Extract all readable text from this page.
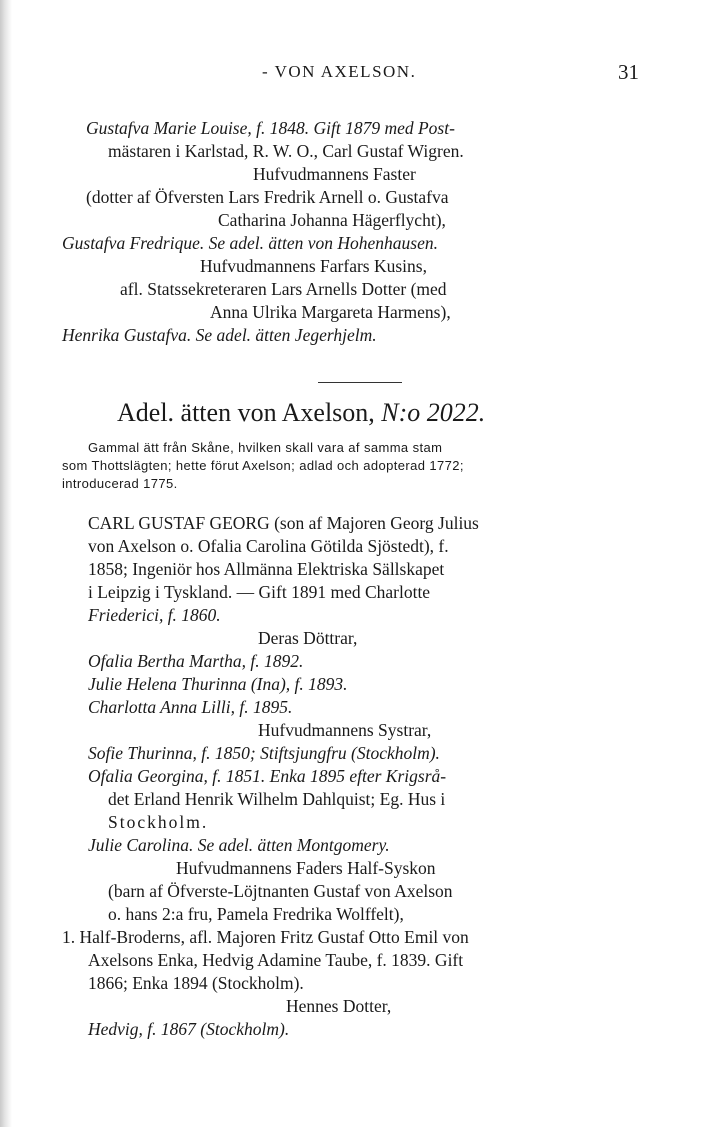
- VON AXELSON.	31
Gustafva Marie Louise, f. 1848. Gift 1879 med Post-
mästaren i Karlstad, R. W. O., Carl Gustaf Wigren.
Hufvudmannens Faster
(dotter af Öfversten Lars Fredrik Arnell o. Gustafva
Catharina Johanna Hägerflycht),
Gustafva Fredrique. Se adel. ätten von Hohenhausen.
Hufvudmannens Farfars Kusins,
afl. Statssekreteraren Lars Arnells Dotter (med
Anna Ulrika Margareta Harmens),
Henrika Gustafva. Se adel. ätten Jegerhjelm.
Adel. ätten von Axelson, N:o 2022.
Gammal ätt från Skåne, hvilken skall vara af samma stam
som Thottslägten; hette förut Axelson; adlad och adopterad 1772;
introducerad 1775.
CARL GUSTAF GEORG (son af Majoren Georg Julius
von Axelson o. Ofalia Carolina Götilda Sjöstedt), f.
1858; Ingeniör hos Allmänna Elektriska Sällskapet
i Leipzig i Tyskland. — Gift 1891 med Charlotte
Friederici, f. 1860.
Deras Döttrar,
Ofalia Bertha Martha, f. 1892.
Julie Helena Thurinna (Ina), f. 1893.
Charlotta Anna Lilli, f. 1895.
Hufvudmannens Systrar,
Sofie Thurinna, f. 1850; Stiftsjungfru (Stockholm).
Ofalia Georgina, f. 1851. Enka 1895 efter Krigsrå-
det Erland Henrik Wilhelm Dahlquist; Eg. Hus i
Stockholm.
Julie Carolina. Se adel. ätten Montgomery.
Hufvudmannens Faders Half-Syskon
(barn af Öfverste-Löjtnanten Gustaf von Axelson
o. hans 2:a fru, Pamela Fredrika Wolffelt),
1. Half-Broderns, afl. Majoren Fritz Gustaf Otto Emil von
Axelsons Enka, Hedvig Adamine Taube, f. 1839. Gift
1866; Enka 1894 (Stockholm).
Hennes Dotter,
Hedvig, f. 1867 (Stockholm).
